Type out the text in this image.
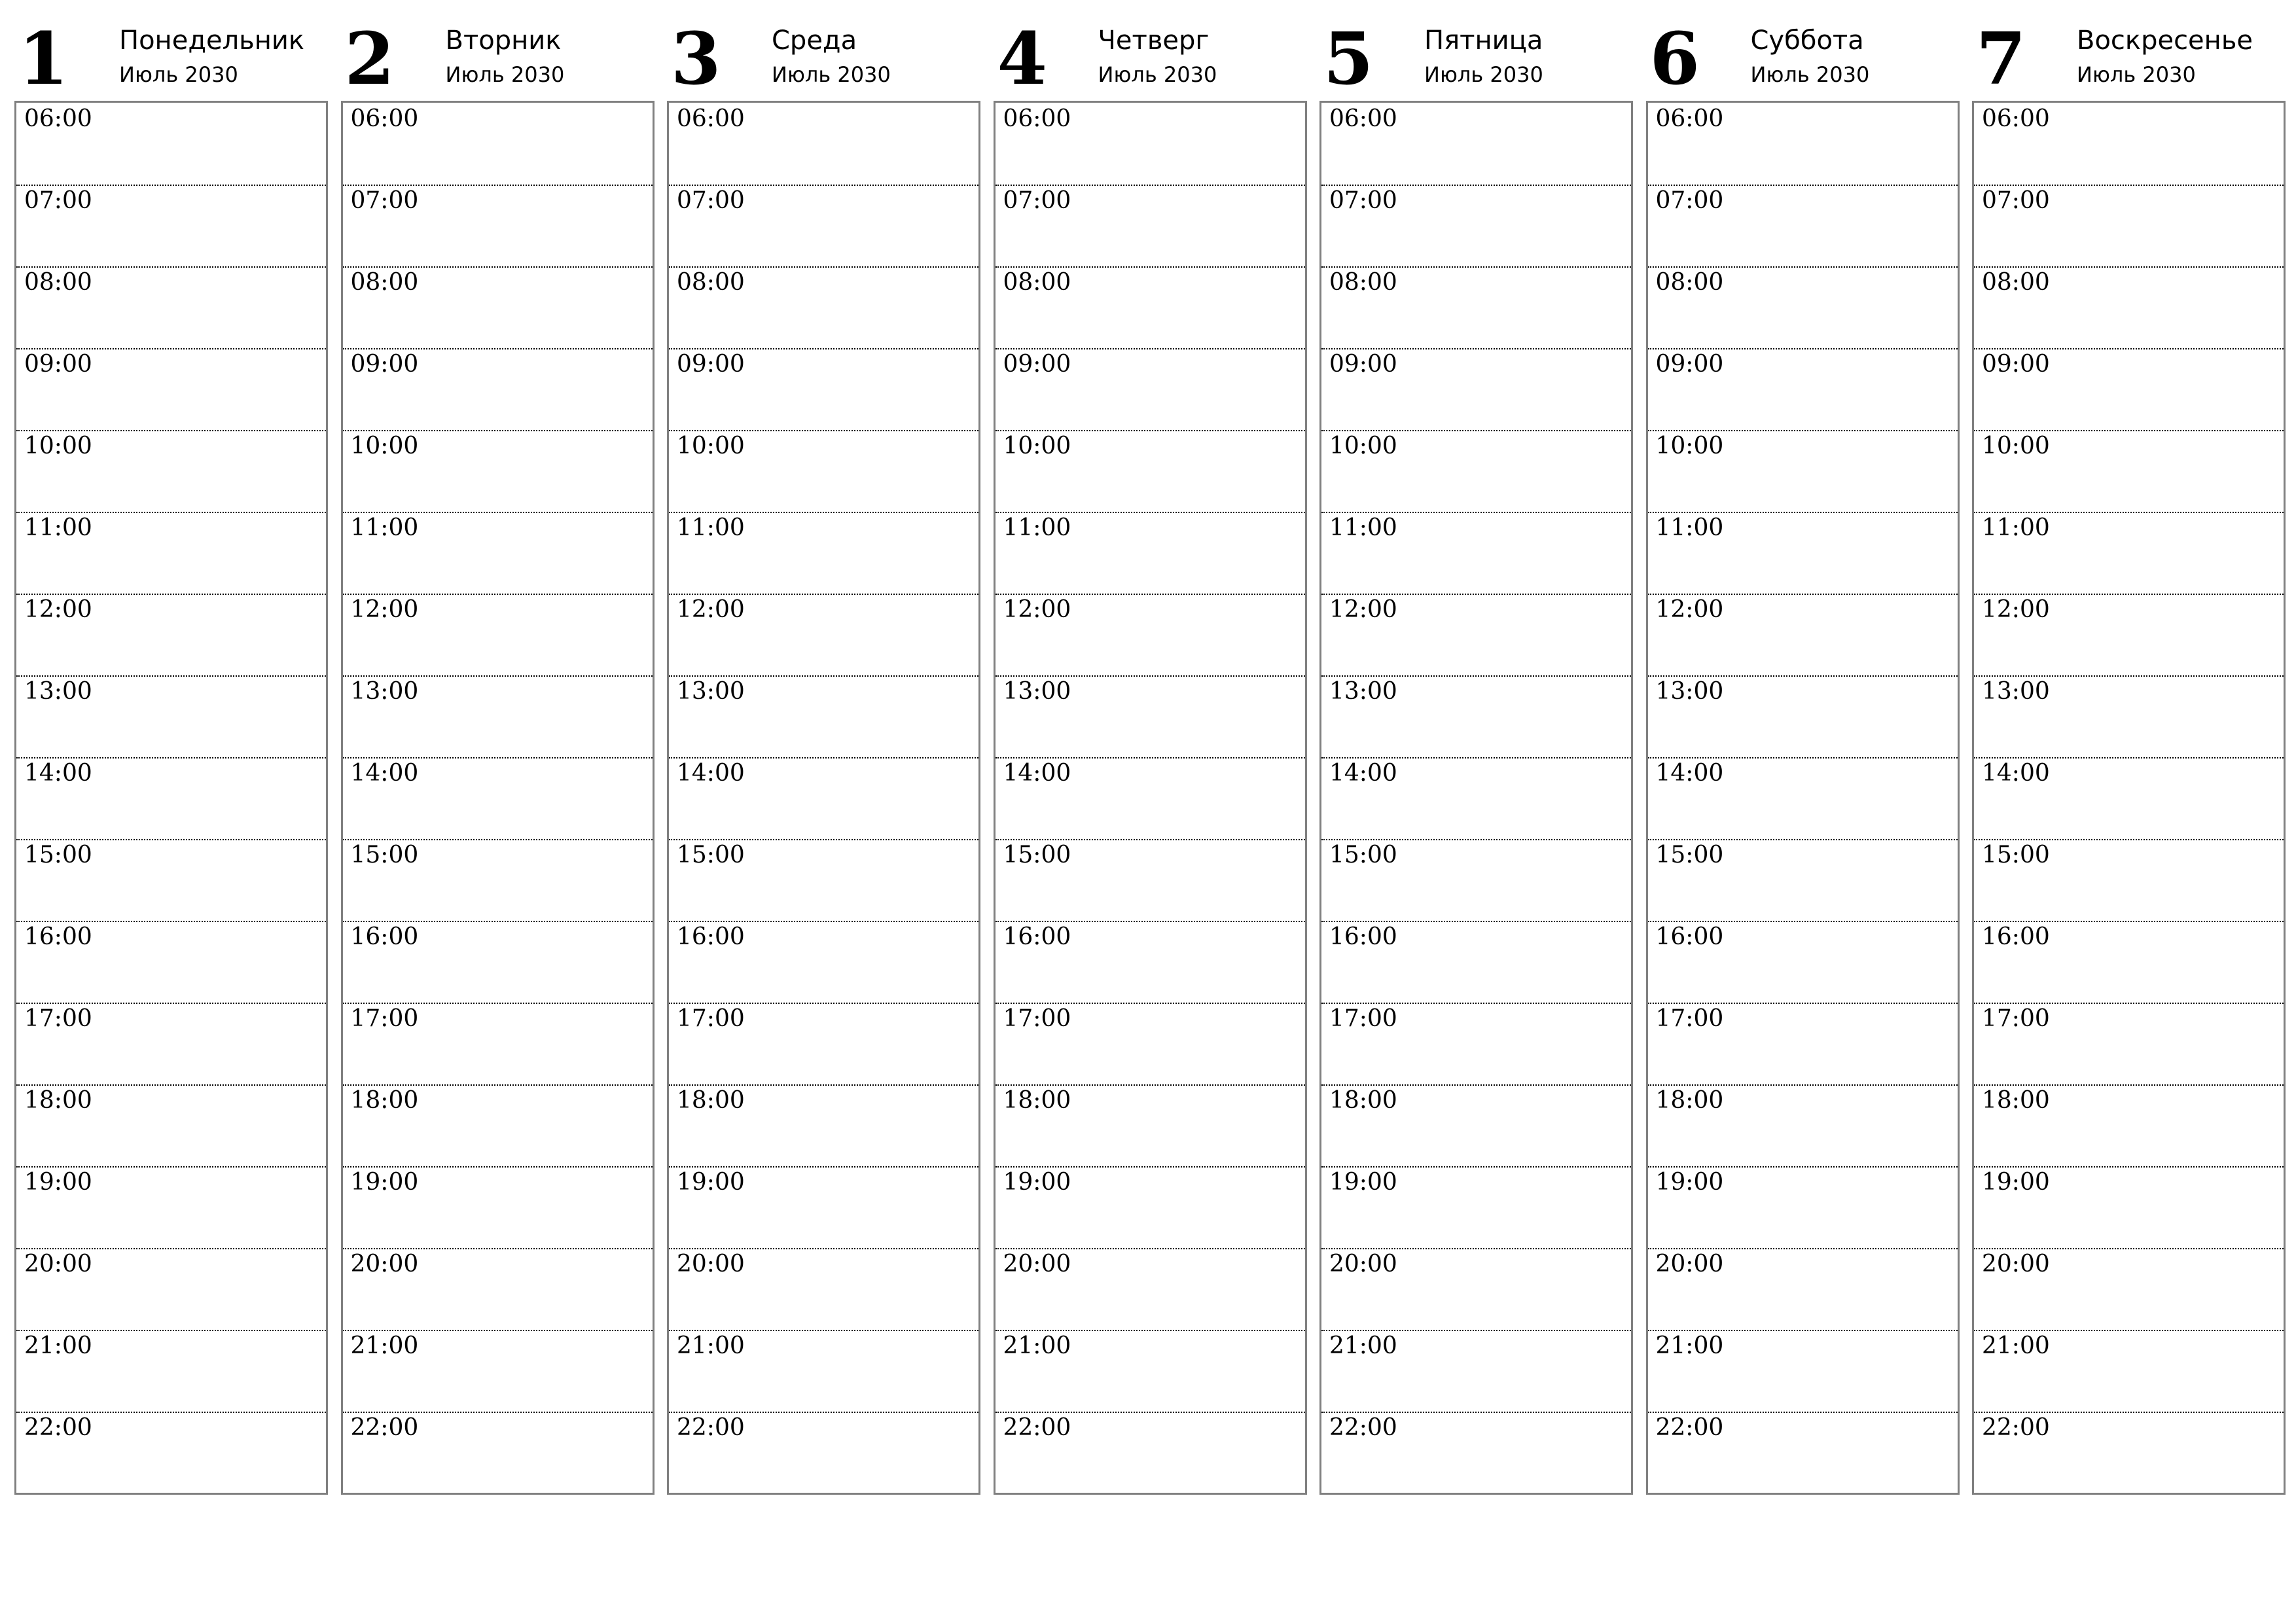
1 Понедельник
Июль 2030
06:00
07:00
08:00
09:00
10:00
11:00
12:00
13:00
14:00
15:00
16:00
17:00
18:00
19:00
20:00
21:00
22:00
2 Вторник
Июль 2030
06:00
07:00
08:00
09:00
10:00
11:00
12:00
13:00
14:00
15:00
16:00
17:00
18:00
19:00
20:00
21:00
22:00
3 Среда
Июль 2030
06:00
07:00
08:00
09:00
10:00
11:00
12:00
13:00
14:00
15:00
16:00
17:00
18:00
19:00
20:00
21:00
22:00
4 Четверг
Июль 2030
06:00
07:00
08:00
09:00
10:00
11:00
12:00
13:00
14:00
15:00
16:00
17:00
18:00
19:00
20:00
21:00
22:00
5 Пятница
Июль 2030
06:00
07:00
08:00
09:00
10:00
11:00
12:00
13:00
14:00
15:00
16:00
17:00
18:00
19:00
20:00
21:00
22:00
6 Суббота
Июль 2030
06:00
07:00
08:00
09:00
10:00
11:00
12:00
13:00
14:00
15:00
16:00
17:00
18:00
19:00
20:00
21:00
22:00
7 Воскресенье
Июль 2030
06:00
07:00
08:00
09:00
10:00
11:00
12:00
13:00
14:00
15:00
16:00
17:00
18:00
19:00
20:00
21:00
22:00
